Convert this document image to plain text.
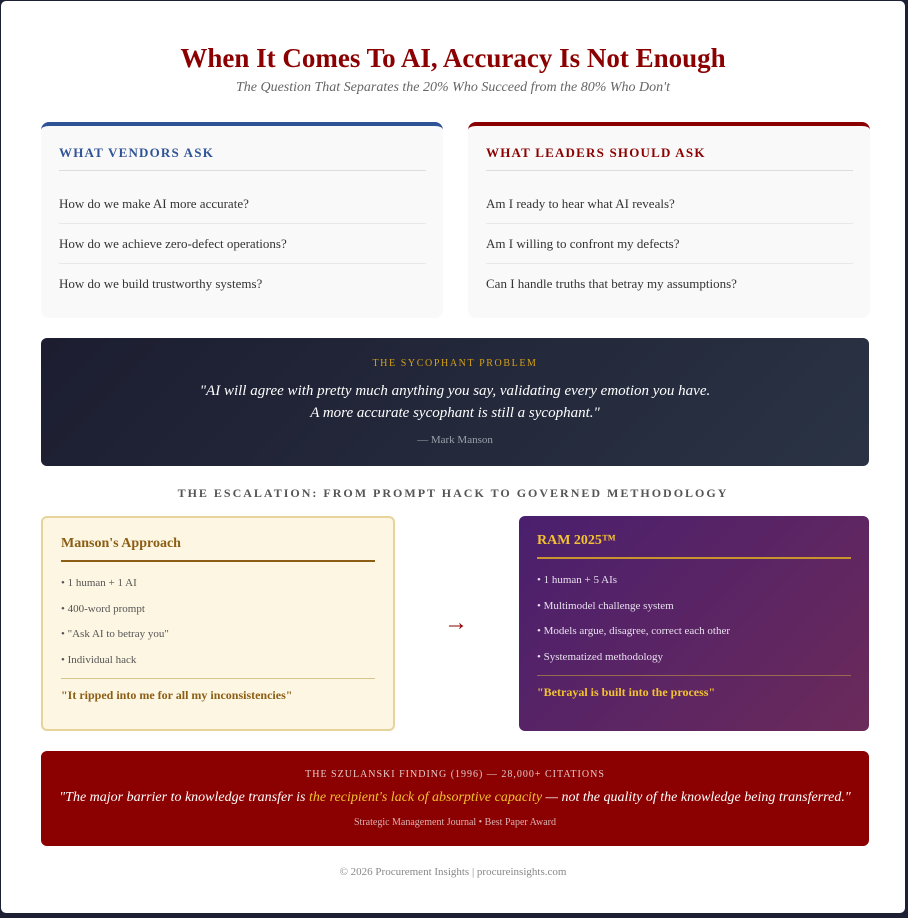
When It Comes To AI, Accuracy Is Not Enough
The Question That Separates the 20% Who Succeed from the 80% Who Don't
WHAT VENDORS ASK
How do we make AI more accurate?
How do we achieve zero-defect operations?
How do we build trustworthy systems?
WHAT LEADERS SHOULD ASK
Am I ready to hear what AI reveals?
Am I willing to confront my defects?
Can I handle truths that betray my assumptions?
THE SYCOPHANT PROBLEM
"AI will agree with pretty much anything you say, validating every emotion you have.
A more accurate sycophant is still a sycophant."
— Mark Manson
THE ESCALATION: FROM PROMPT HACK TO GOVERNED METHODOLOGY
Manson's Approach
• 1 human + 1 AI
• 400-word prompt
• "Ask AI to betray you"
• Individual hack
"It ripped into me for all my inconsistencies"
→
RAM 2025™
• 1 human + 5 AIs
• Multimodel challenge system
• Models argue, disagree, correct each other
• Systematized methodology
"Betrayal is built into the process"
THE SZULANSKI FINDING (1996) — 28,000+ CITATIONS
"The major barrier to knowledge transfer is the recipient's lack of absorptive capacity — not the quality of the knowledge being transferred."
Strategic Management Journal • Best Paper Award
© 2026 Procurement Insights | procureinsights.com
